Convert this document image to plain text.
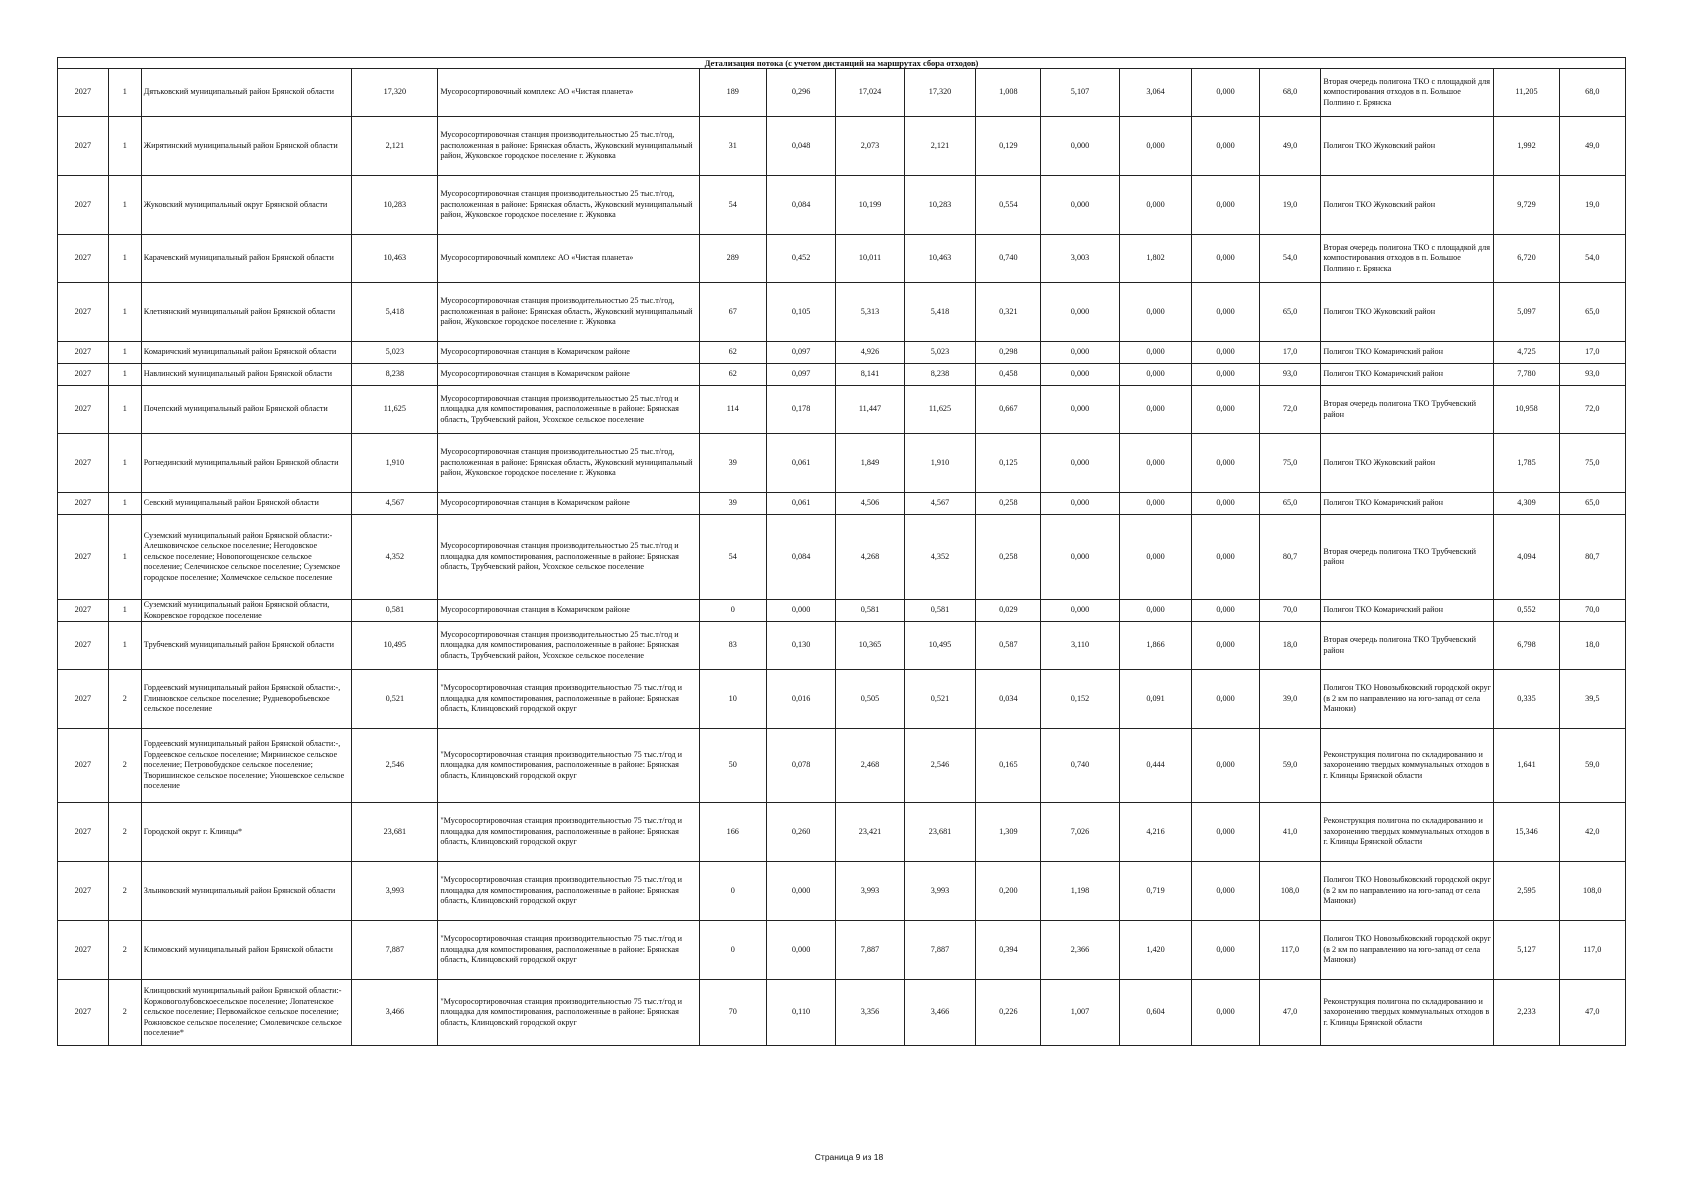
Детализация потока (с учетом дистанций на маршрутах сбора отходов)																
2027	1	Дятьковский муниципальный район Брянской области	17,320	Мусоросортировочный комплекс АО «Чистая планета»	189	0,296	17,024	17,320	1,008	5,107	3,064	0,000	68,0	Вторая очередь полигона ТКО с площадкой для компостирования отходов в п. Большое Полпино г. Брянска	11,205	68,0
2027	1	Жирятинский муниципальный район Брянской области	2,121	Мусоросортировочная станция производительностью 25 тыс.т/год, расположенная в районе: Брянская область, Жуковский муниципальный район, Жуковское городское поселение г. Жуковка	31	0,048	2,073	2,121	0,129	0,000	0,000	0,000	49,0	Полигон ТКО Жуковский район	1,992	49,0
2027	1	Жуковский муниципальный округ Брянской области	10,283	Мусоросортировочная станция производительностью 25 тыс.т/год, расположенная в районе: Брянская область, Жуковский муниципальный район, Жуковское городское поселение г. Жуковка	54	0,084	10,199	10,283	0,554	0,000	0,000	0,000	19,0	Полигон ТКО Жуковский район	9,729	19,0
2027	1	Карачевский муниципальный район Брянской области	10,463	Мусоросортировочный комплекс АО «Чистая планета»	289	0,452	10,011	10,463	0,740	3,003	1,802	0,000	54,0	Вторая очередь полигона ТКО с площадкой для компостирования отходов в п. Большое Полпино г. Брянска	6,720	54,0
2027	1	Клетнянский муниципальный район Брянской области	5,418	Мусоросортировочная станция производительностью 25 тыс.т/год, расположенная в районе: Брянская область, Жуковский муниципальный район, Жуковское городское поселение г. Жуковка	67	0,105	5,313	5,418	0,321	0,000	0,000	0,000	65,0	Полигон ТКО Жуковский район	5,097	65,0
2027	1	Комаричский муниципальный район Брянской области	5,023	Мусоросортировочная станция в Комаричском районе	62	0,097	4,926	5,023	0,298	0,000	0,000	0,000	17,0	Полигон ТКО Комаричский район	4,725	17,0
2027	1	Навлинский муниципальный район Брянской области	8,238	Мусоросортировочная станция в Комаричском районе	62	0,097	8,141	8,238	0,458	0,000	0,000	0,000	93,0	Полигон ТКО Комаричский район	7,780	93,0
2027	1	Почепский муниципальный район Брянской области	11,625	Мусоросортировочная станция производительностью 25 тыс.т/год и площадка для компостирования, расположенные в районе: Брянская область, Трубчевский район, Усохское сельское поселение	114	0,178	11,447	11,625	0,667	0,000	0,000	0,000	72,0	Вторая очередь полигона ТКО Трубчевский район	10,958	72,0
2027	1	Рогнединский муниципальный район Брянской области	1,910	Мусоросортировочная станция производительностью 25 тыс.т/год, расположенная в районе: Брянская область, Жуковский муниципальный район, Жуковское городское поселение г. Жуковка	39	0,061	1,849	1,910	0,125	0,000	0,000	0,000	75,0	Полигон ТКО Жуковский район	1,785	75,0
2027	1	Севский муниципальный район Брянской области	4,567	Мусоросортировочная станция в Комаричском районе	39	0,061	4,506	4,567	0,258	0,000	0,000	0,000	65,0	Полигон ТКО Комаричский район	4,309	65,0
2027	1	Суземский муниципальный район Брянской области:- Алешковичское сельское поселение; Негодовское сельское поселение; Новопогощенское сельское поселение; Селечинское сельское поселение; Суземское городское поселение; Холмечское сельское поселение	4,352	Мусоросортировочная станция производительностью 25 тыс.т/год и площадка для компостирования, расположенные в районе: Брянская область, Трубчевский район, Усохское сельское поселение	54	0,084	4,268	4,352	0,258	0,000	0,000	0,000	80,7	Вторая очередь полигона ТКО Трубчевский район	4,094	80,7
2027	1	Суземский муниципальный район Брянской области, Кокоревское городское поселение	0,581	Мусоросортировочная станция в Комаричском районе	0	0,000	0,581	0,581	0,029	0,000	0,000	0,000	70,0	Полигон ТКО Комаричский район	0,552	70,0
2027	1	Трубчевский муниципальный район Брянской области	10,495	Мусоросортировочная станция производительностью 25 тыс.т/год и площадка для компостирования, расположенные в районе: Брянская область, Трубчевский район, Усохское сельское поселение	83	0,130	10,365	10,495	0,587	3,110	1,866	0,000	18,0	Вторая очередь полигона ТКО Трубчевский район	6,798	18,0
2027	2	Гордеевский муниципальный район Брянской области:-, Глинновское сельское поселение; Рудневоробьевское сельское поселение	0,521	"Мусоросортировочная станция производительностью 75 тыс.т/год и площадка для компостирования, расположенные в районе: Брянская область, Клинцовский городской округ	10	0,016	0,505	0,521	0,034	0,152	0,091	0,000	39,0	Полигон ТКО Новозыбковский городской округ (в 2 км по направлению на юго-запад от села Манюки)	0,335	39,5
2027	2	Гордеевский муниципальный район Брянской области:-, Гордеевское сельское поселение; Мирнинское сельское поселение; Петровобудское сельское поселение; Творишинское сельское поселение; Уношевское сельское поселение	2,546	"Мусоросортировочная станция производительностью 75 тыс.т/год и площадка для компостирования, расположенные в районе: Брянская область, Клинцовский городской округ	50	0,078	2,468	2,546	0,165	0,740	0,444	0,000	59,0	Реконструкция полигона по складированию и захоронению твердых коммунальных отходов в г. Клинцы Брянской области	1,641	59,0
2027	2	Городской округ г. Клинцы*	23,681	"Мусоросортировочная станция производительностью 75 тыс.т/год и площадка для компостирования, расположенные в районе: Брянская область, Клинцовский городской округ	166	0,260	23,421	23,681	1,309	7,026	4,216	0,000	41,0	Реконструкция полигона по складированию и захоронению твердых коммунальных отходов в г. Клинцы Брянской области	15,346	42,0
2027	2	Злынковский муниципальный район Брянской области	3,993	"Мусоросортировочная станция производительностью 75 тыс.т/год и площадка для компостирования, расположенные в районе: Брянская область, Клинцовский городской округ	0	0,000	3,993	3,993	0,200	1,198	0,719	0,000	108,0	Полигон ТКО Новозыбковский городской округ (в 2 км по направлению на юго-запад от села Манюки)	2,595	108,0
2027	2	Климовский муниципальный район Брянской области	7,887	"Мусоросортировочная станция производительностью 75 тыс.т/год и площадка для компостирования, расположенные в районе: Брянская область, Клинцовский городской округ	0	0,000	7,887	7,887	0,394	2,366	1,420	0,000	117,0	Полигон ТКО Новозыбковский городской округ (в 2 км по направлению на юго-запад от села Манюки)	5,127	117,0
2027	2	Клинцовский муниципальный район Брянской области:-Коржовоголубовскоесельское поселение; Лопатенское сельское поселение; Первомайское сельское поселение; Рожновское сельское поселение; Смолевичское сельское поселение*	3,466	"Мусоросортировочная станция производительностью 75 тыс.т/год и площадка для компостирования, расположенные в районе: Брянская область, Клинцовский городской округ	70	0,110	3,356	3,466	0,226	1,007	0,604	0,000	47,0	Реконструкция полигона по складированию и захоронению твердых коммунальных отходов в г. Клинцы Брянской области	2,233	47,0
Страница 9 из 18
